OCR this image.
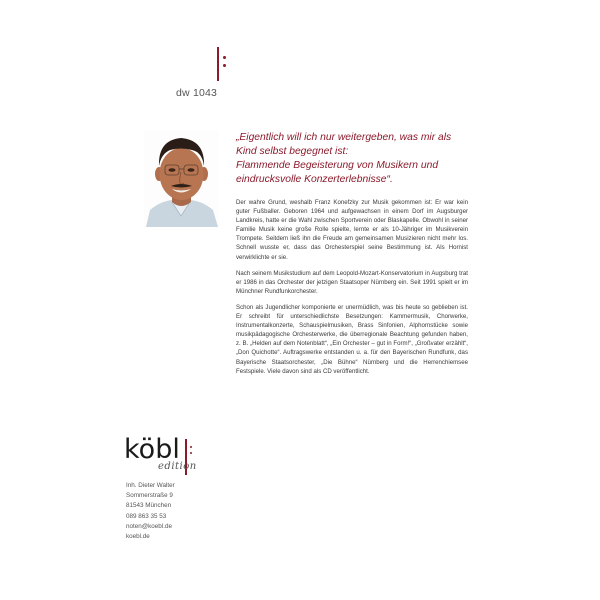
dw 1043
„Eigentlich will ich nur weitergeben, was mir als
Kind selbst begegnet ist:
Flammende Begeisterung von Musikern und
eindrucksvolle Konzerterlebnisse“.

Der wahre Grund, weshalb Franz Konefzky zur Musik gekommen ist: Er war kein guter Fußballer. Geboren 1964 und aufgewachsen in einem Dorf im Augsburger Landkreis, hatte er die Wahl zwischen Sportverein oder Blaskapelle. Obwohl in seiner Familie Musik keine große Rolle spielte, lernte er als 10-Jähriger im Musikverein Trompete. Seitdem ließ ihn die Freude am gemeinsamen Musizieren nicht mehr los. Schnell wusste er, dass das Orchesterspiel seine Bestimmung ist. Als Hornist verwirklichte er sie.

Nach seinem Musikstudium auf dem Leopold-Mozart-Konservatorium in Augsburg trat er 1986 in das Orchester der jetzigen Staatsoper Nürnberg ein. Seit 1991 spielt er im Münchner Rundfunkorchester.

Schon als Jugendlicher komponierte er unermüdlich, was bis heute so geblieben ist. Er schreibt für unterschiedlichste Besetzungen: Kammermusik, Chorwerke, Instrumentalkonzerte, Schauspielmusiken, Brass Sinfonien, Alphornstücke sowie musikpädagogische Orchesterwerke, die überregionale Beachtung gefunden haben, z. B. „Helden auf dem Notenblatt“, „Ein Orchester – gut in Form!“, „Großvater erzählt“, „Don Quichotte“. Auftragswerke entstanden u. a. für den Bayerischen Rundfunk, das Bayerische Staatsorchester, „Die Bühne“ Nürnberg und die Herrenchiemsee Festspiele. Viele davon sind als CD veröffentlicht.

köbl
edition
Inh. Dieter Walter
Sommerstraße 9
81543 München
089 863 35 53
noten@koebl.de
koebl.de
